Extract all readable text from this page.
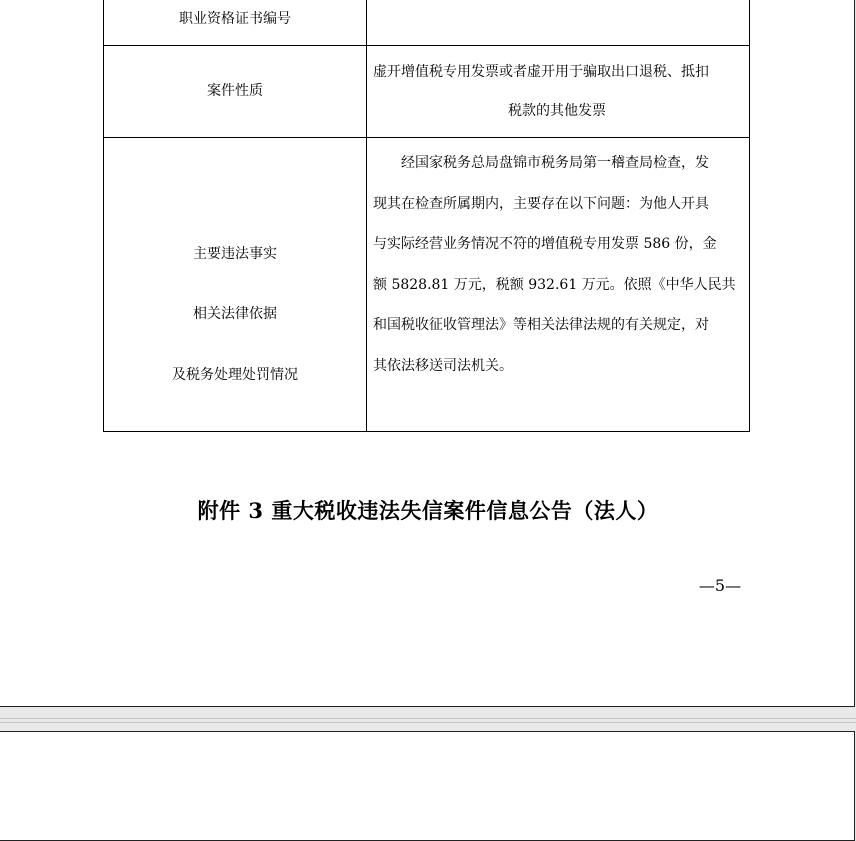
职业资格证书编号
案件性质
虚开增值税专用发票或者虚开用于骗取出口退税、抵扣
税款的其他发票
主要违法事实
相关法律依据
及税务处理处罚情况
经国家税务总局盘锦市税务局第一稽查局检查，发
现其在检查所属期内，主要存在以下问题：为他人开具
与实际经营业务情况不符的增值税专用发票 586 份，金
额 5828.81 万元，税额 932.61 万元。依照《中华人民共
和国税收征收管理法》等相关法律法规的有关规定，对
其依法移送司法机关。
附件 3 重大税收违法失信案件信息公告（法人）
—5—
